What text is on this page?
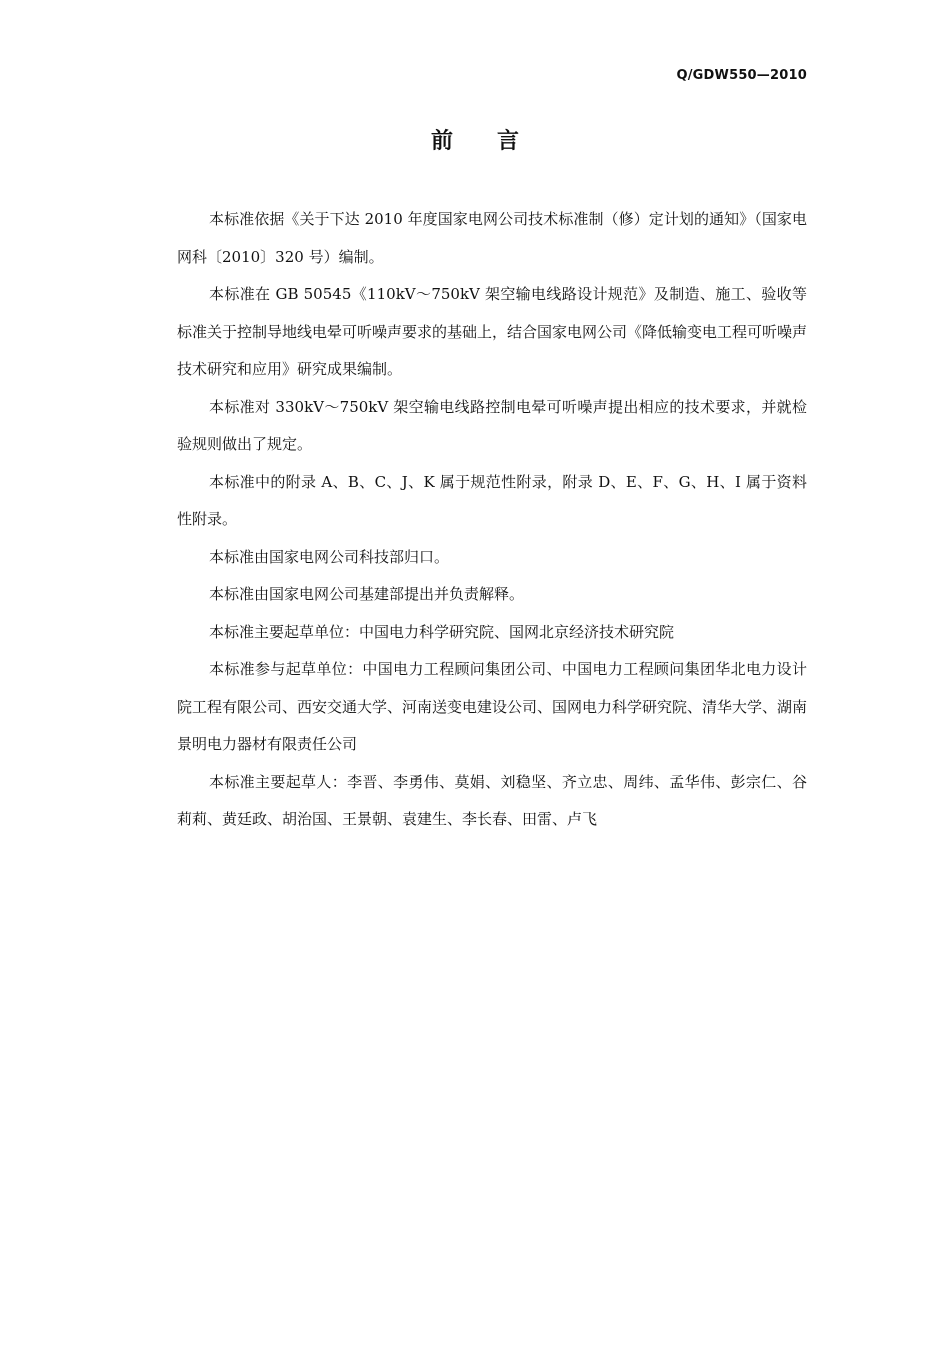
Q/GDW550—2010
前言

本标准依据《关于下达 2010 年度国家电网公司技术标准制（修）定计划的通知》（国家电网科〔2010〕320 号）编制。

本标准在 GB 50545《110kV～750kV 架空输电线路设计规范》及制造、施工、验收等标准关于控制导地线电晕可听噪声要求的基础上，结合国家电网公司《降低输变电工程可听噪声技术研究和应用》研究成果编制。

本标准对 330kV～750kV 架空输电线路控制电晕可听噪声提出相应的技术要求，并就检验规则做出了规定。

本标准中的附录 A、B、C、J、K 属于规范性附录，附录 D、E、F、G、H、I 属于资料性附录。

本标准由国家电网公司科技部归口。

本标准由国家电网公司基建部提出并负责解释。

本标准主要起草单位：中国电力科学研究院、国网北京经济技术研究院

本标准参与起草单位：中国电力工程顾问集团公司、中国电力工程顾问集团华北电力设计院工程有限公司、西安交通大学、河南送变电建设公司、国网电力科学研究院、清华大学、湖南景明电力器材有限责任公司

本标准主要起草人：李晋、李勇伟、莫娟、刘稳坚、齐立忠、周纬、孟华伟、彭宗仁、谷莉莉、黄廷政、胡治国、王景朝、袁建生、李长春、田雷、卢飞
